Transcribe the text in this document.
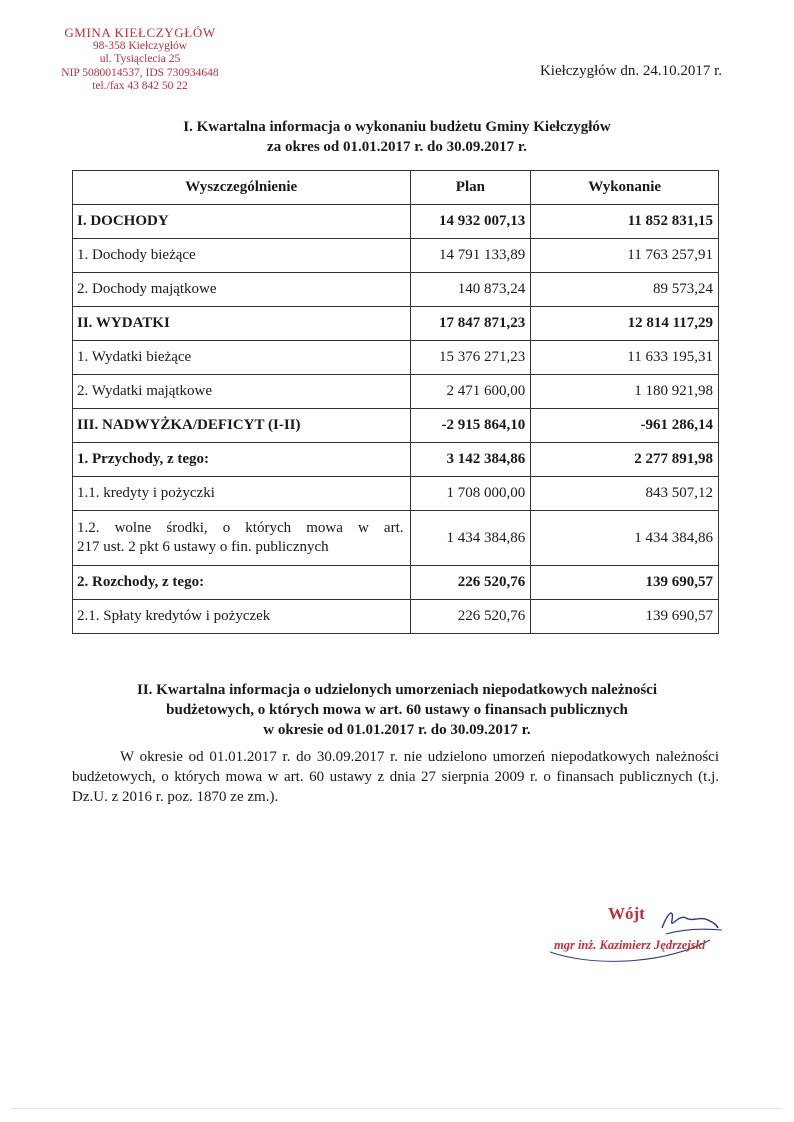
GMINA KIEŁCZYGŁÓW
98-358 Kiełczygłów
ul. Tysiąclecia 25
NIP 5080014537, IDS 730934648
tel./fax 43 842 50 22
Kiełczygłów dn. 24.10.2017 r.
I. Kwartalna informacja o wykonaniu budżetu Gminy Kiełczygłów
za okres od 01.01.2017 r. do 30.09.2017 r.
Wyszczególnienie	Plan	Wykonanie
I. DOCHODY	14 932 007,13	11 852 831,15
1. Dochody bieżące	14 791 133,89	11 763 257,91
2. Dochody majątkowe	140 873,24	89 573,24
II. WYDATKI	17 847 871,23	12 814 117,29
1. Wydatki bieżące	15 376 271,23	11 633 195,31
2. Wydatki majątkowe	2 471 600,00	1 180 921,98
III. NADWYŻKA/DEFICYT (I-II)	-2 915 864,10	-961 286,14
1. Przychody, z tego:	3 142 384,86	2 277 891,98
1.1. kredyty i pożyczki	1 708 000,00	843 507,12

1.2. wolne środki, o których mowa w art.
217 ust. 2 pkt 6 ustawy o fin. publicznych	1 434 384,86	1 434 384,86
2. Rozchody, z tego:	226 520,76	139 690,57
2.1. Spłaty kredytów i pożyczek	226 520,76	139 690,57
II. Kwartalna informacja o udzielonych umorzeniach niepodatkowych należności
budżetowych, o których mowa w art. 60 ustawy o finansach publicznych
w okresie od 01.01.2017 r. do 30.09.2017 r.
W okresie od 01.01.2017 r. do 30.09.2017 r. nie udzielono umorzeń niepodatkowych należności budżetowych, o których mowa w art. 60 ustawy z dnia 27 sierpnia 2009 r. o finansach publicznych (t.j. Dz.U. z 2016 r. poz. 1870 ze zm.).
Wójt
mgr inż. Kazimierz Jędrzejski
